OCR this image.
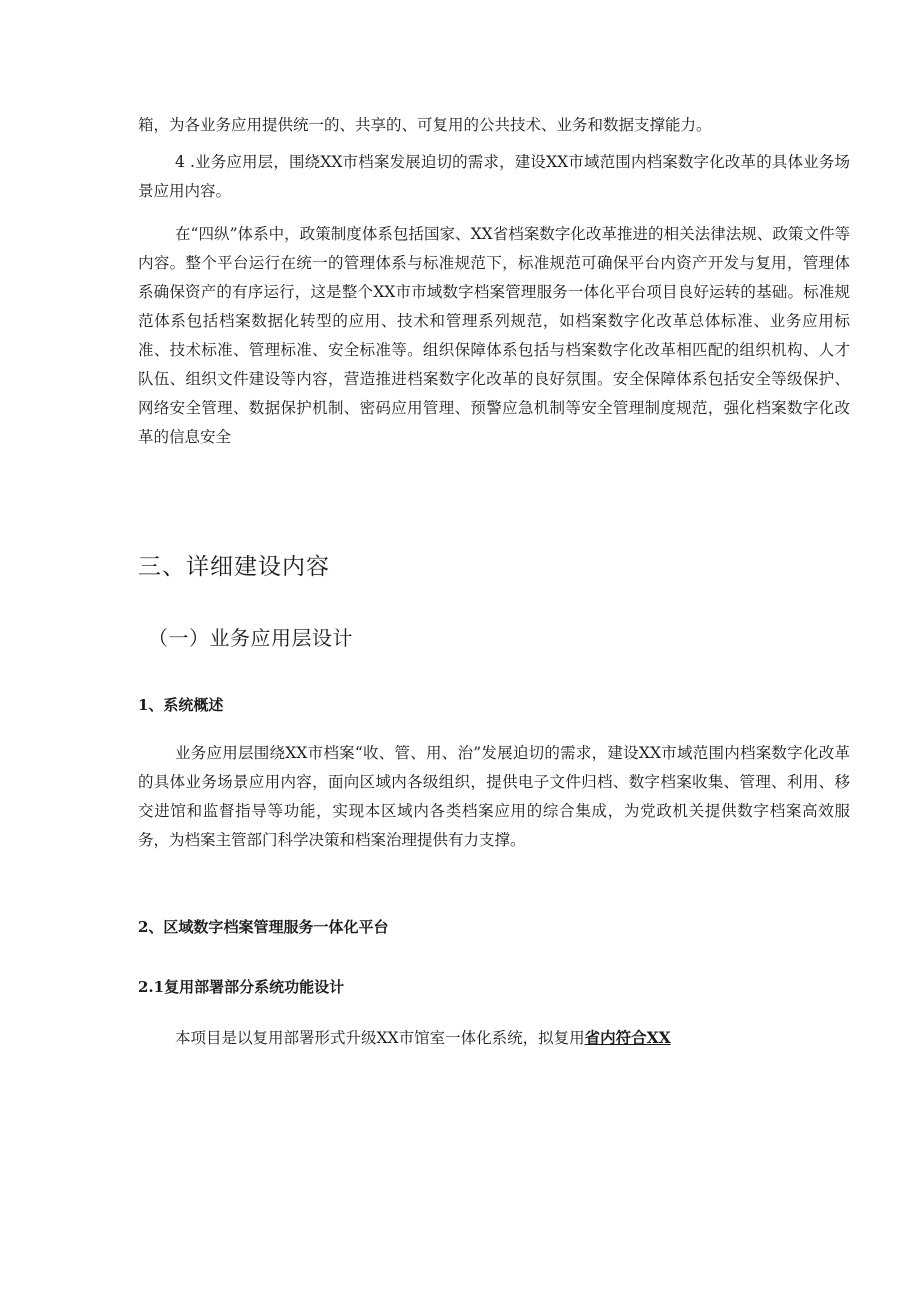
箱，为各业务应用提供统一的、共享的、可复用的公共技术、业务和数据支撑能力。

4 .业务应用层，围绕XX市档案发展迫切的需求，建设XX市域范围内档案数字化改革的具体业务场景应用内容。

在“四纵”体系中，政策制度体系包括国家、XX省档案数字化改革推进的相关法律法规、政策文件等内容。整个平台运行在统一的管理体系与标准规范下，标准规范可确保平台内资产开发与复用，管理体系确保资产的有序运行，这是整个XX市市域数字档案管理服务一体化平台项目良好运转的基础。标准规范体系包括档案数据化转型的应用、技术和管理系列规范，如档案数字化改革总体标准、业务应用标准、技术标准、管理标准、安全标准等。组织保障体系包括与档案数字化改革相匹配的组织机构、人才队伍、组织文件建设等内容，营造推进档案数字化改革的良好氛围。安全保障体系包括安全等级保护、网络安全管理、数据保护机制、密码应用管理、预警应急机制等安全管理制度规范，强化档案数字化改革的信息安全

三、详细建设内容
（一）业务应用层设计
1、系统概述

业务应用层围绕XX市档案“收、管、用、治”发展迫切的需求，建设XX市域范围内档案数字化改革的具体业务场景应用内容，面向区域内各级组织，提供电子文件归档、数字档案收集、管理、利用、移交进馆和监督指导等功能，实现本区域内各类档案应用的综合集成，为党政机关提供数字档案高效服务，为档案主管部门科学决策和档案治理提供有力支撑。

2、区域数字档案管理服务一体化平台
2.1复用部署部分系统功能设计

本项目是以复用部署形式升级XX市馆室一体化系统，拟复用省内符合XX
